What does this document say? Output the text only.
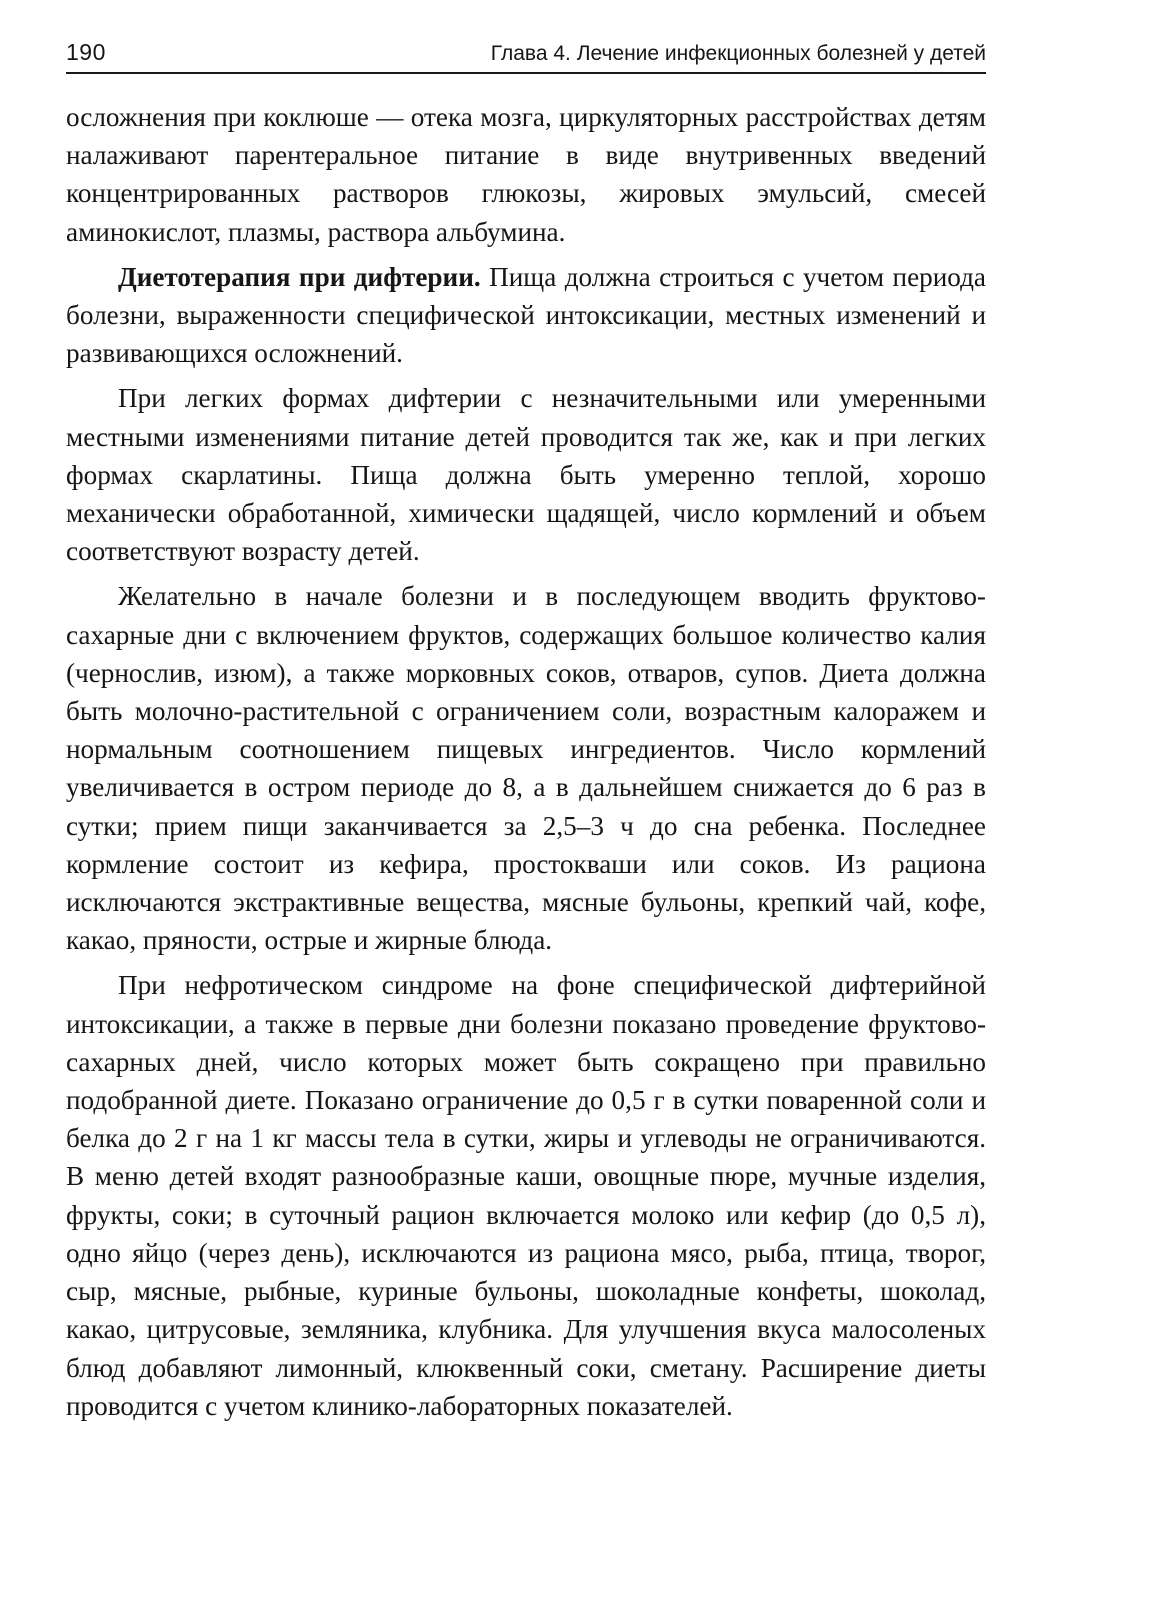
190	Глава 4. Лечение инфекционных болезней у детей

осложнения при коклюше — отека мозга, циркуляторных расстройствах детям налаживают парентеральное питание в виде внутривенных введений концентрированных растворов глюкозы, жировых эмульсий, смесей аминокислот, плазмы, раствора альбумина.

Диетотерапия при дифтерии. Пища должна строиться с учетом периода болезни, выраженности специфической интоксикации, местных изменений и развивающихся осложнений.

При легких формах дифтерии с незначительными или умеренными местными изменениями питание детей проводится так же, как и при легких формах скарлатины. Пища должна быть умеренно теплой, хорошо механически обработанной, химически щадящей, число кормлений и объем соответствуют возрасту детей.

Желательно в начале болезни и в последующем вводить фруктово-сахарные дни с включением фруктов, содержащих большое количество калия (чернослив, изюм), а также морковных соков, отваров, супов. Диета должна быть молочно-растительной с ограничением соли, возрастным калоражем и нормальным соотношением пищевых ингредиентов. Число кормлений увеличивается в остром периоде до 8, а в дальнейшем снижается до 6 раз в сутки; прием пищи заканчивается за 2,5–3 ч до сна ребенка. Последнее кормление состоит из кефира, простокваши или соков. Из рациона исключаются экстрактивные вещества, мясные бульоны, крепкий чай, кофе, какао, пряности, острые и жирные блюда.

При нефротическом синдроме на фоне специфической дифтерийной интоксикации, а также в первые дни болезни показано проведение фруктово-сахарных дней, число которых может быть сокращено при правильно подобранной диете. Показано ограничение до 0,5 г в сутки поваренной соли и белка до 2 г на 1 кг массы тела в сутки, жиры и углеводы не ограничиваются. В меню детей входят разнообразные каши, овощные пюре, мучные изделия, фрукты, соки; в суточный рацион включается молоко или кефир (до 0,5 л), одно яйцо (через день), исключаются из рациона мясо, рыба, птица, творог, сыр, мясные, рыбные, куриные бульоны, шоколадные конфеты, шоколад, какао, цитрусовые, земляника, клубника. Для улучшения вкуса малосоленых блюд добавляют лимонный, клюквенный соки, сметану. Расширение диеты проводится с учетом клинико-лабораторных показателей.
